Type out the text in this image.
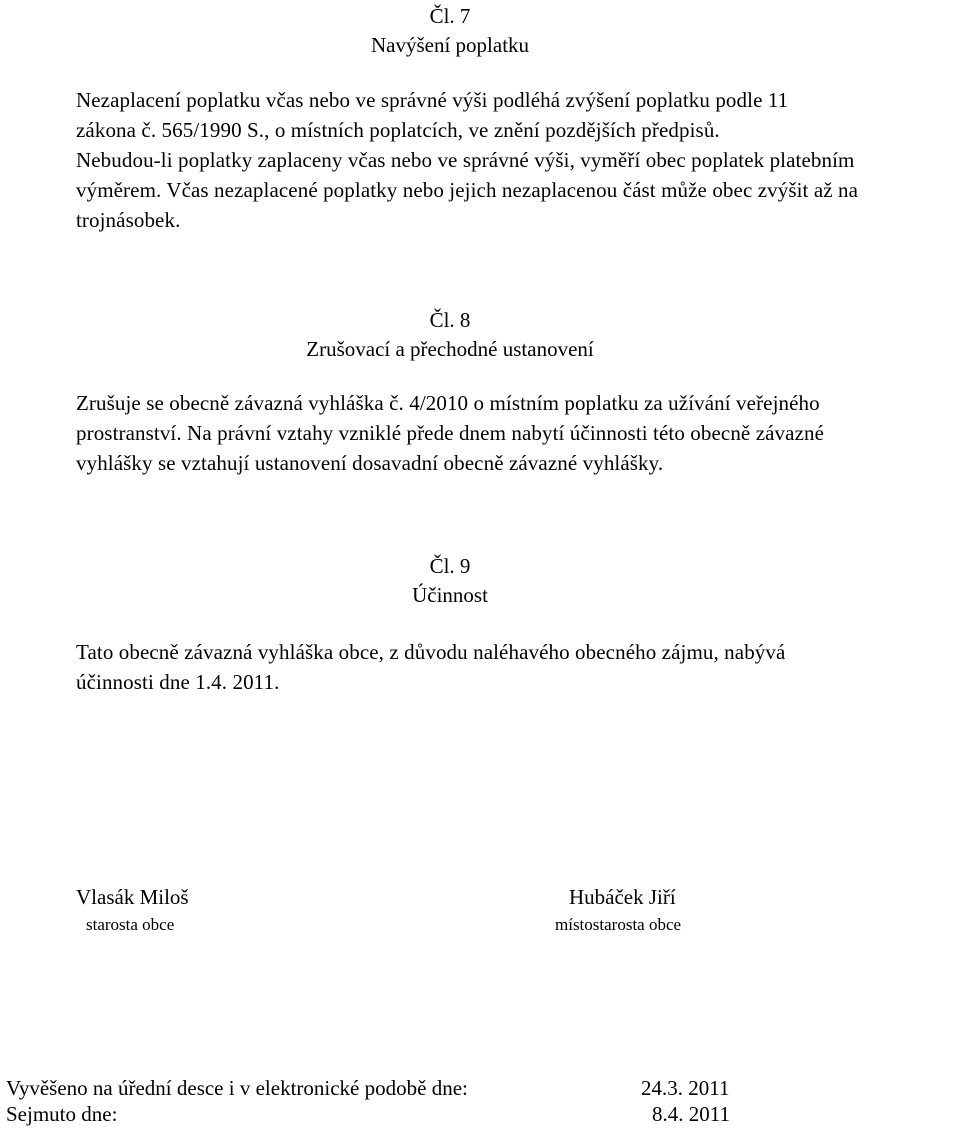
Čl. 7
Navýšení poplatku
Nezaplacení poplatku včas nebo ve správné výši podléhá zvýšení poplatku podle 11
zákona č. 565/1990 S., o místních poplatcích, ve znění pozdějších předpisů.
Nebudou-li poplatky zaplaceny včas nebo ve správné výši, vyměří obec poplatek platebním
výměrem. Včas nezaplacené poplatky nebo jejich nezaplacenou část může obec zvýšit až na
trojnásobek.
Čl. 8
Zrušovací a přechodné ustanovení
Zrušuje se obecně závazná vyhláška č. 4/2010 o místním poplatku za užívání veřejného
prostranství. Na právní vztahy vzniklé přede dnem nabytí účinnosti této obecně závazné
vyhlášky se vztahují ustanovení dosavadní obecně závazné vyhlášky.
Čl. 9
Účinnost
Tato obecně závazná vyhláška obce, z důvodu naléhavého obecného zájmu, nabývá
účinnosti dne 1.4. 2011.
Vlasák Miloš
starosta obce
Hubáček Jiří
místostarosta obce
Vyvěšeno na úřední desce i v elektronické podobě dne:	24.3. 2011
Sejmuto dne:	8.4. 2011
